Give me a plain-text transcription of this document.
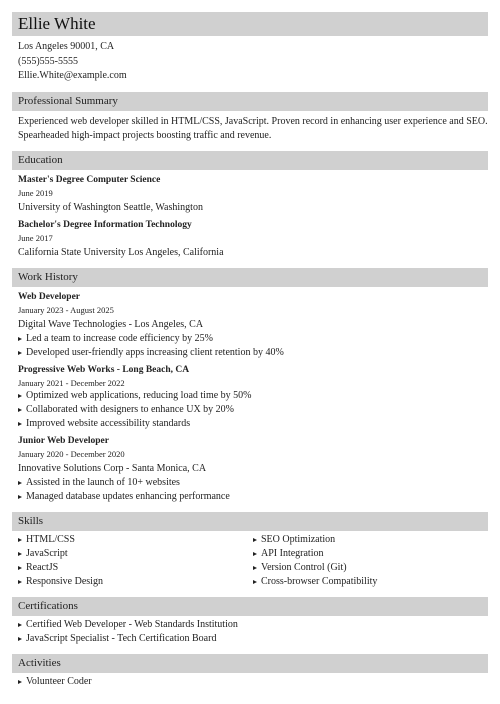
Ellie White
Los Angeles 90001, CA
(555)555-5555
Ellie.White@example.com
Professional Summary
Experienced web developer skilled in HTML/CSS, JavaScript. Proven record in enhancing user experience and SEO. Spearheaded high-impact projects boosting traffic and revenue.
Education
Master's Degree Computer Science
June 2019
University of Washington Seattle, Washington
Bachelor's Degree Information Technology
June 2017
California State University Los Angeles, California
Work History
Web Developer
January 2023 - August 2025
Digital Wave Technologies - Los Angeles, CA
Led a team to increase code efficiency by 25%
Developed user-friendly apps increasing client retention by 40%
Progressive Web Works - Long Beach, CA
January 2021 - December 2022
Optimized web applications, reducing load time by 50%
Collaborated with designers to enhance UX by 20%
Improved website accessibility standards
Junior Web Developer
January 2020 - December 2020
Innovative Solutions Corp - Santa Monica, CA
Assisted in the launch of 10+ websites
Managed database updates enhancing performance
Skills
HTML/CSS
JavaScript
ReactJS
Responsive Design
SEO Optimization
API Integration
Version Control (Git)
Cross-browser Compatibility
Certifications
Certified Web Developer - Web Standards Institution
JavaScript Specialist - Tech Certification Board
Activities
Volunteer Coder
